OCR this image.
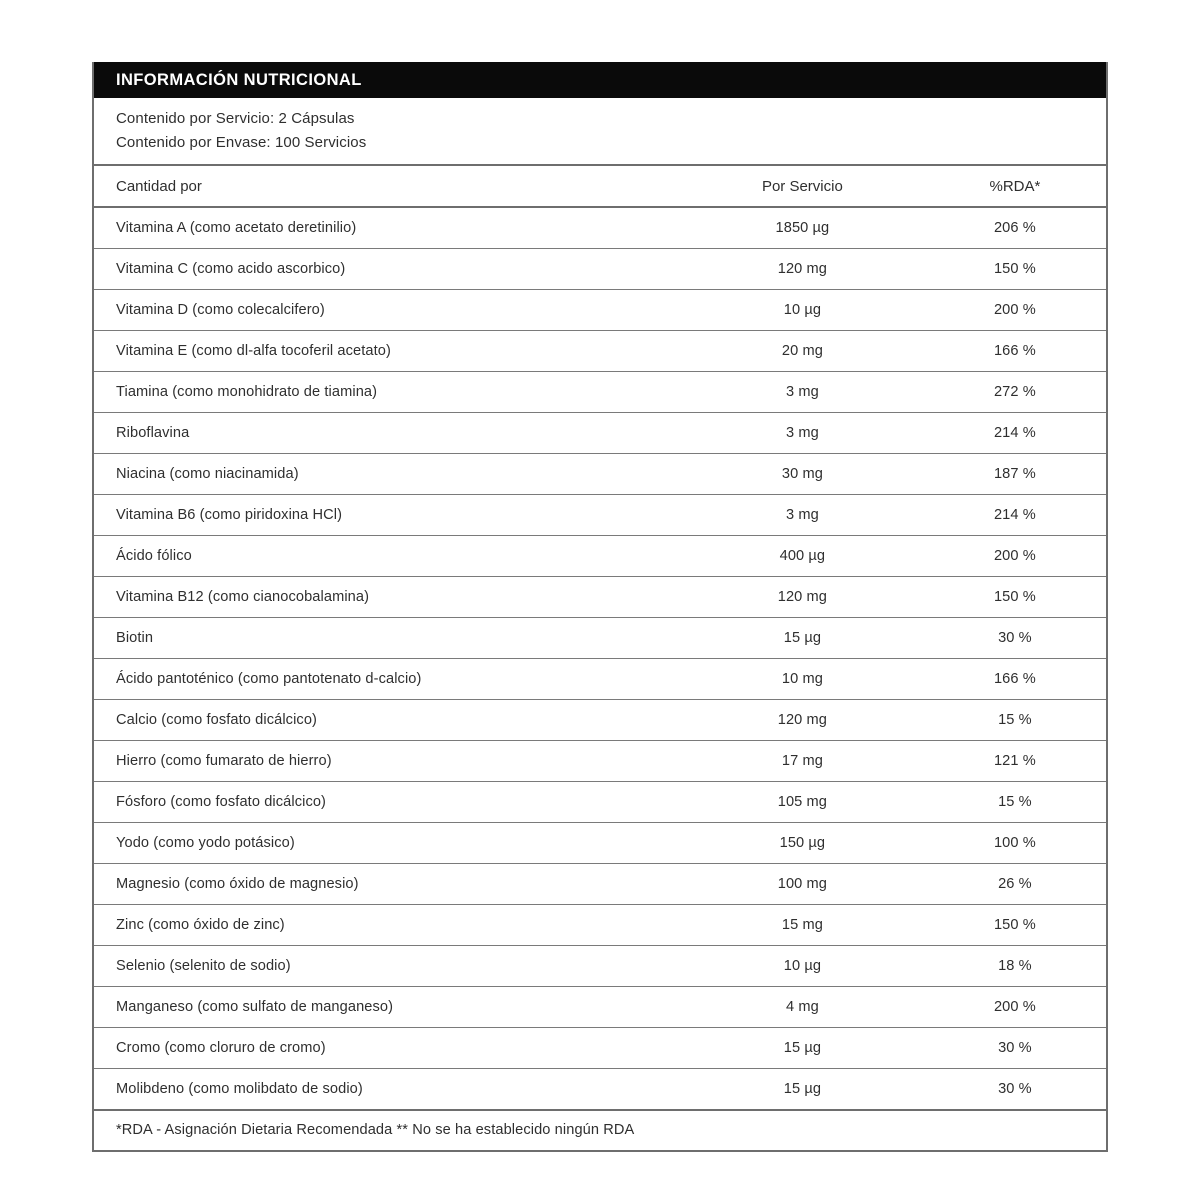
INFORMACIÓN NUTRICIONAL
Contenido por Servicio: 2 Cápsulas
Contenido por Envase: 100 Servicios
Cantidad por	Por Servicio	%RDA*
Vitamina A (como acetato deretinilio)	1850 µg	206 %
Vitamina C (como acido ascorbico)	120 mg	150 %
Vitamina D (como colecalcifero)	10 µg	200 %
Vitamina E (como dl-alfa tocoferil acetato)	20 mg	166 %
Tiamina (como monohidrato de tiamina)	3 mg	272 %
Riboflavina	3 mg	214 %
Niacina (como niacinamida)	30 mg	187 %
Vitamina B6 (como piridoxina HCl)	3 mg	214 %
Ácido fólico	400 µg	200 %
Vitamina B12 (como cianocobalamina)	120 mg	150 %
Biotin	15 µg	30 %
Ácido pantoténico (como pantotenato d-calcio)	10 mg	166 %
Calcio (como fosfato dicálcico)	120 mg	15 %
Hierro (como fumarato de hierro)	17 mg	121 %
Fósforo (como fosfato dicálcico)	105 mg	15 %
Yodo (como yodo potásico)	150 µg	100 %
Magnesio (como óxido de magnesio)	100 mg	26 %
Zinc (como óxido de zinc)	15 mg	150 %
Selenio (selenito de sodio)	10 µg	18 %
Manganeso (como sulfato de manganeso)	4 mg	200 %
Cromo (como cloruro de cromo)	15 µg	30 %
Molibdeno (como molibdato de sodio)	15 µg	30 %
*RDA - Asignación Dietaria Recomendada ** No se ha establecido ningún RDA
